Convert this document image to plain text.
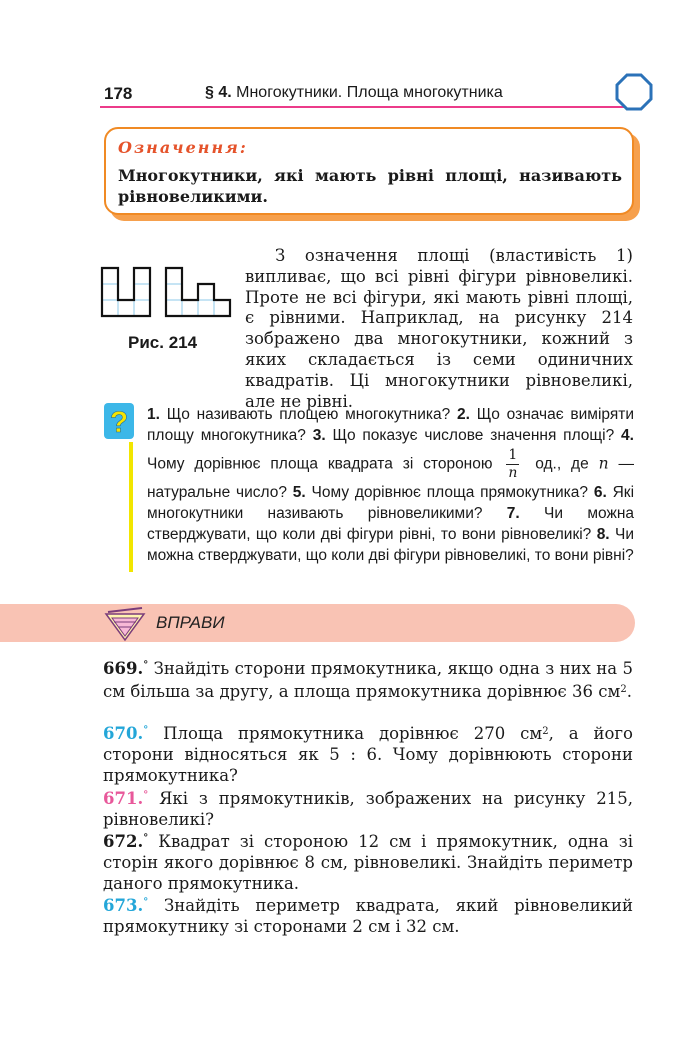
178	§ 4. Многокутники. Площа многокутника
Означення:
Многокутники, які мають рівні площі, називають рівновеликими.
Рис. 214
З означення площі (властивість 1) випливає, що всі рівні фігури рівновеликі. Проте не всі фігури, які мають рівні площі, є рівними. Наприклад, на рисунку 214 зображено два многокутники, кожний з яких складається із семи одиничних квадратів. Ці многокутники рівновеликі, але не рівні.
? 1. Що називають площею многокутника? 2. Що означає виміряти площу многокутника? 3. Що показує числове значення площі? 4. Чому дорівнює площа квадрата зі стороною $\frac{1}{n}$ од., де n — натуральне число? 5. Чому дорівнює площа прямокутника? 6. Які многокутники називають рівновеликими? 7. Чи можна стверджувати, що коли дві фігури рівні, то вони рівновеликі? 8. Чи можна стверджувати, що коли дві фігури рівновеликі, то вони рівні?
ВПРАВИ
669.° Знайдіть сторони прямокутника, якщо одна з них на 5 см більша за другу, а площа прямокутника дорівнює 36 $см^2$.
670.° Площа прямокутника дорівнює 270 $см^2$, а його сторони відносяться як 5 : 6. Чому дорівнюють сторони прямокутника?
671.° Які з прямокутників, зображених на рисунку 215, рівновеликі?
672.° Квадрат зі стороною 12 см і прямокутник, одна зі сторін якого дорівнює 8 см, рівновеликі. Знайдіть периметр даного прямокутника.
673.° Знайдіть периметр квадрата, який рівновеликий прямокутнику зі сторонами 2 см і 32 см.
